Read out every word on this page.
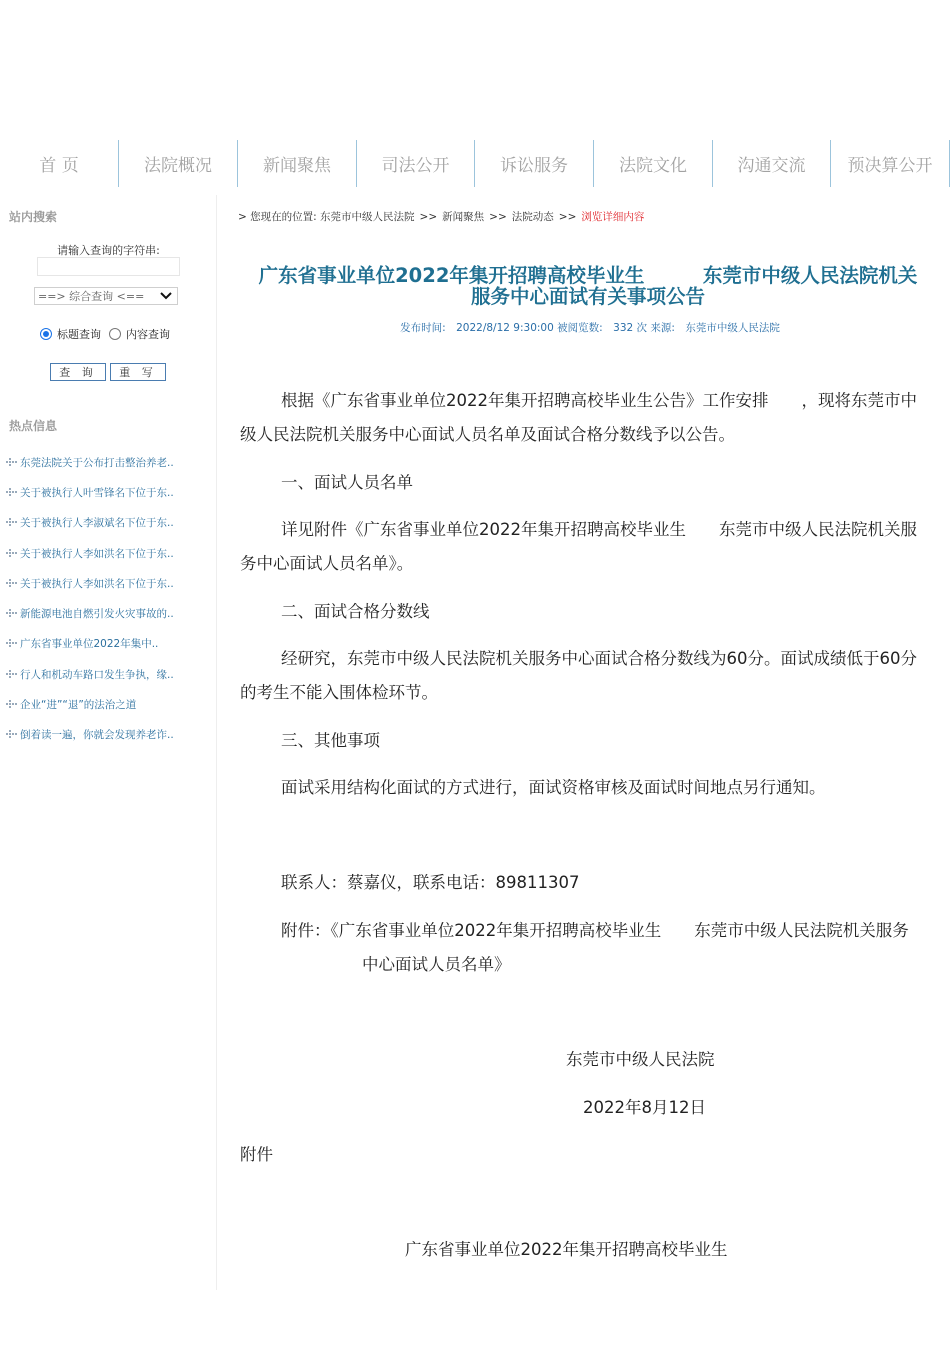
首 页	法院概况	新闻聚焦	司法公开	诉讼服务	法院文化	沟通交流	预决算公开
站内搜索
请输入查询的字符串:
==> 综合查询 <==
标题查询 内容查询
查 询	重 写
热点信息
东莞法院关于公布打击整治养老..
关于被执行人叶雪锋名下位于东..
关于被执行人李淑斌名下位于东..
关于被执行人李如洪名下位于东..
关于被执行人李如洪名下位于东..
新能源电池自燃引发火灾事故的..
广东省事业单位2022年集中..
行人和机动车路口发生争执，缘..
企业“进”“退”的法治之道
倒着读一遍，你就会发现养老诈..
>
您现在的位置:
东莞市中级人民法院 >> 新闻聚焦 >> 法院动态 >> 浏览详细内容
广东省事业单位2022年集开招聘高校毕业生　　　东莞市中级人民法院机关
服务中心面试有关事项公告
发布时间:　2022/8/12 9:30:00 被阅览数:　332 次 来源:　东莞市中级人民法院
根据《广东省事业单位2022年集开招聘高校毕业生公告》工作安排　　，现将东莞市中
级人民法院机关服务中心面试人员名单及面试合格分数线予以公告。
一、面试人员名单
详见附件《广东省事业单位2022年集开招聘高校毕业生　　东莞市中级人民法院机关服
务中心面试人员名单》。
二、面试合格分数线
经研究，东莞市中级人民法院机关服务中心面试合格分数线为60分。面试成绩低于60分
的考生不能入围体检环节。
三、其他事项
面试采用结构化面试的方式进行，面试资格审核及面试时间地点另行通知。
联系人：蔡嘉仪，联系电话：89811307
附件：《广东省事业单位2022年集开招聘高校毕业生　　东莞市中级人民法院机关服务
中心面试人员名单》
东莞市中级人民法院
2022年8月12日
附件
广东省事业单位2022年集开招聘高校毕业生
